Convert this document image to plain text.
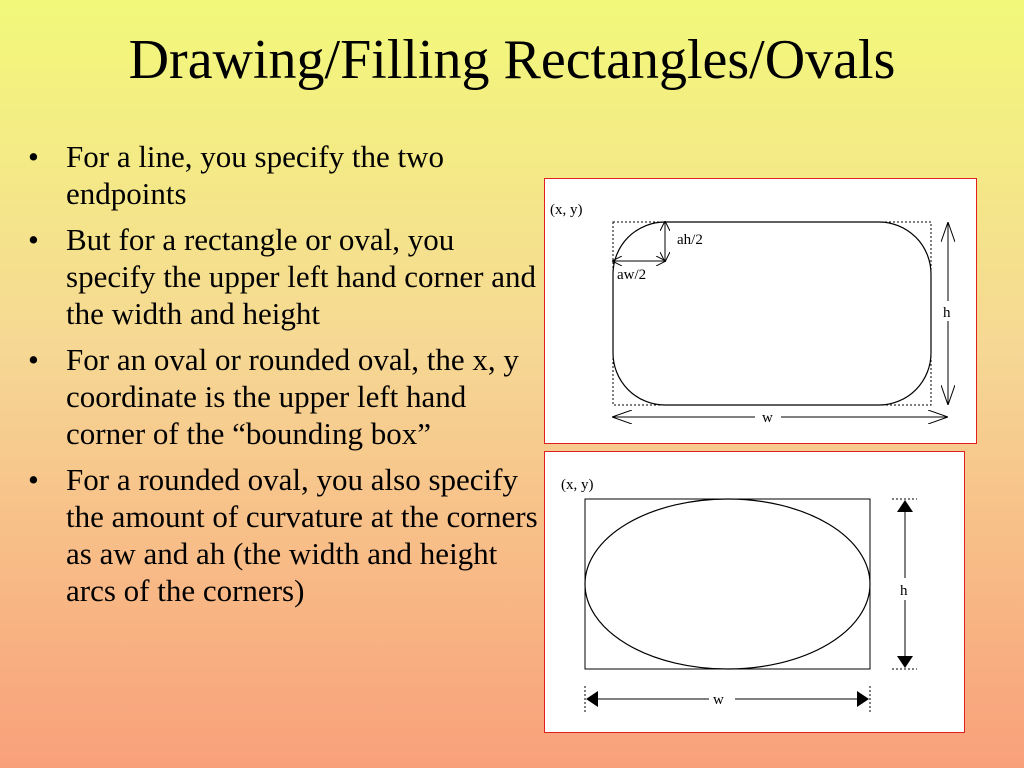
Drawing/Filling Rectangles/Ovals
• For a line, you specify the two endpoints
• But for a rectangle or oval, you specify the upper left hand corner and the width and height
• For an oval or rounded oval, the x, y coordinate is the upper left hand corner of the “bounding box”
• For a rounded oval, you also specify the amount of curvature at the corners as aw and ah (the width and height arcs of the corners)
(x, y)
ah/2
aw/2
h
w
(x, y)
h
w
